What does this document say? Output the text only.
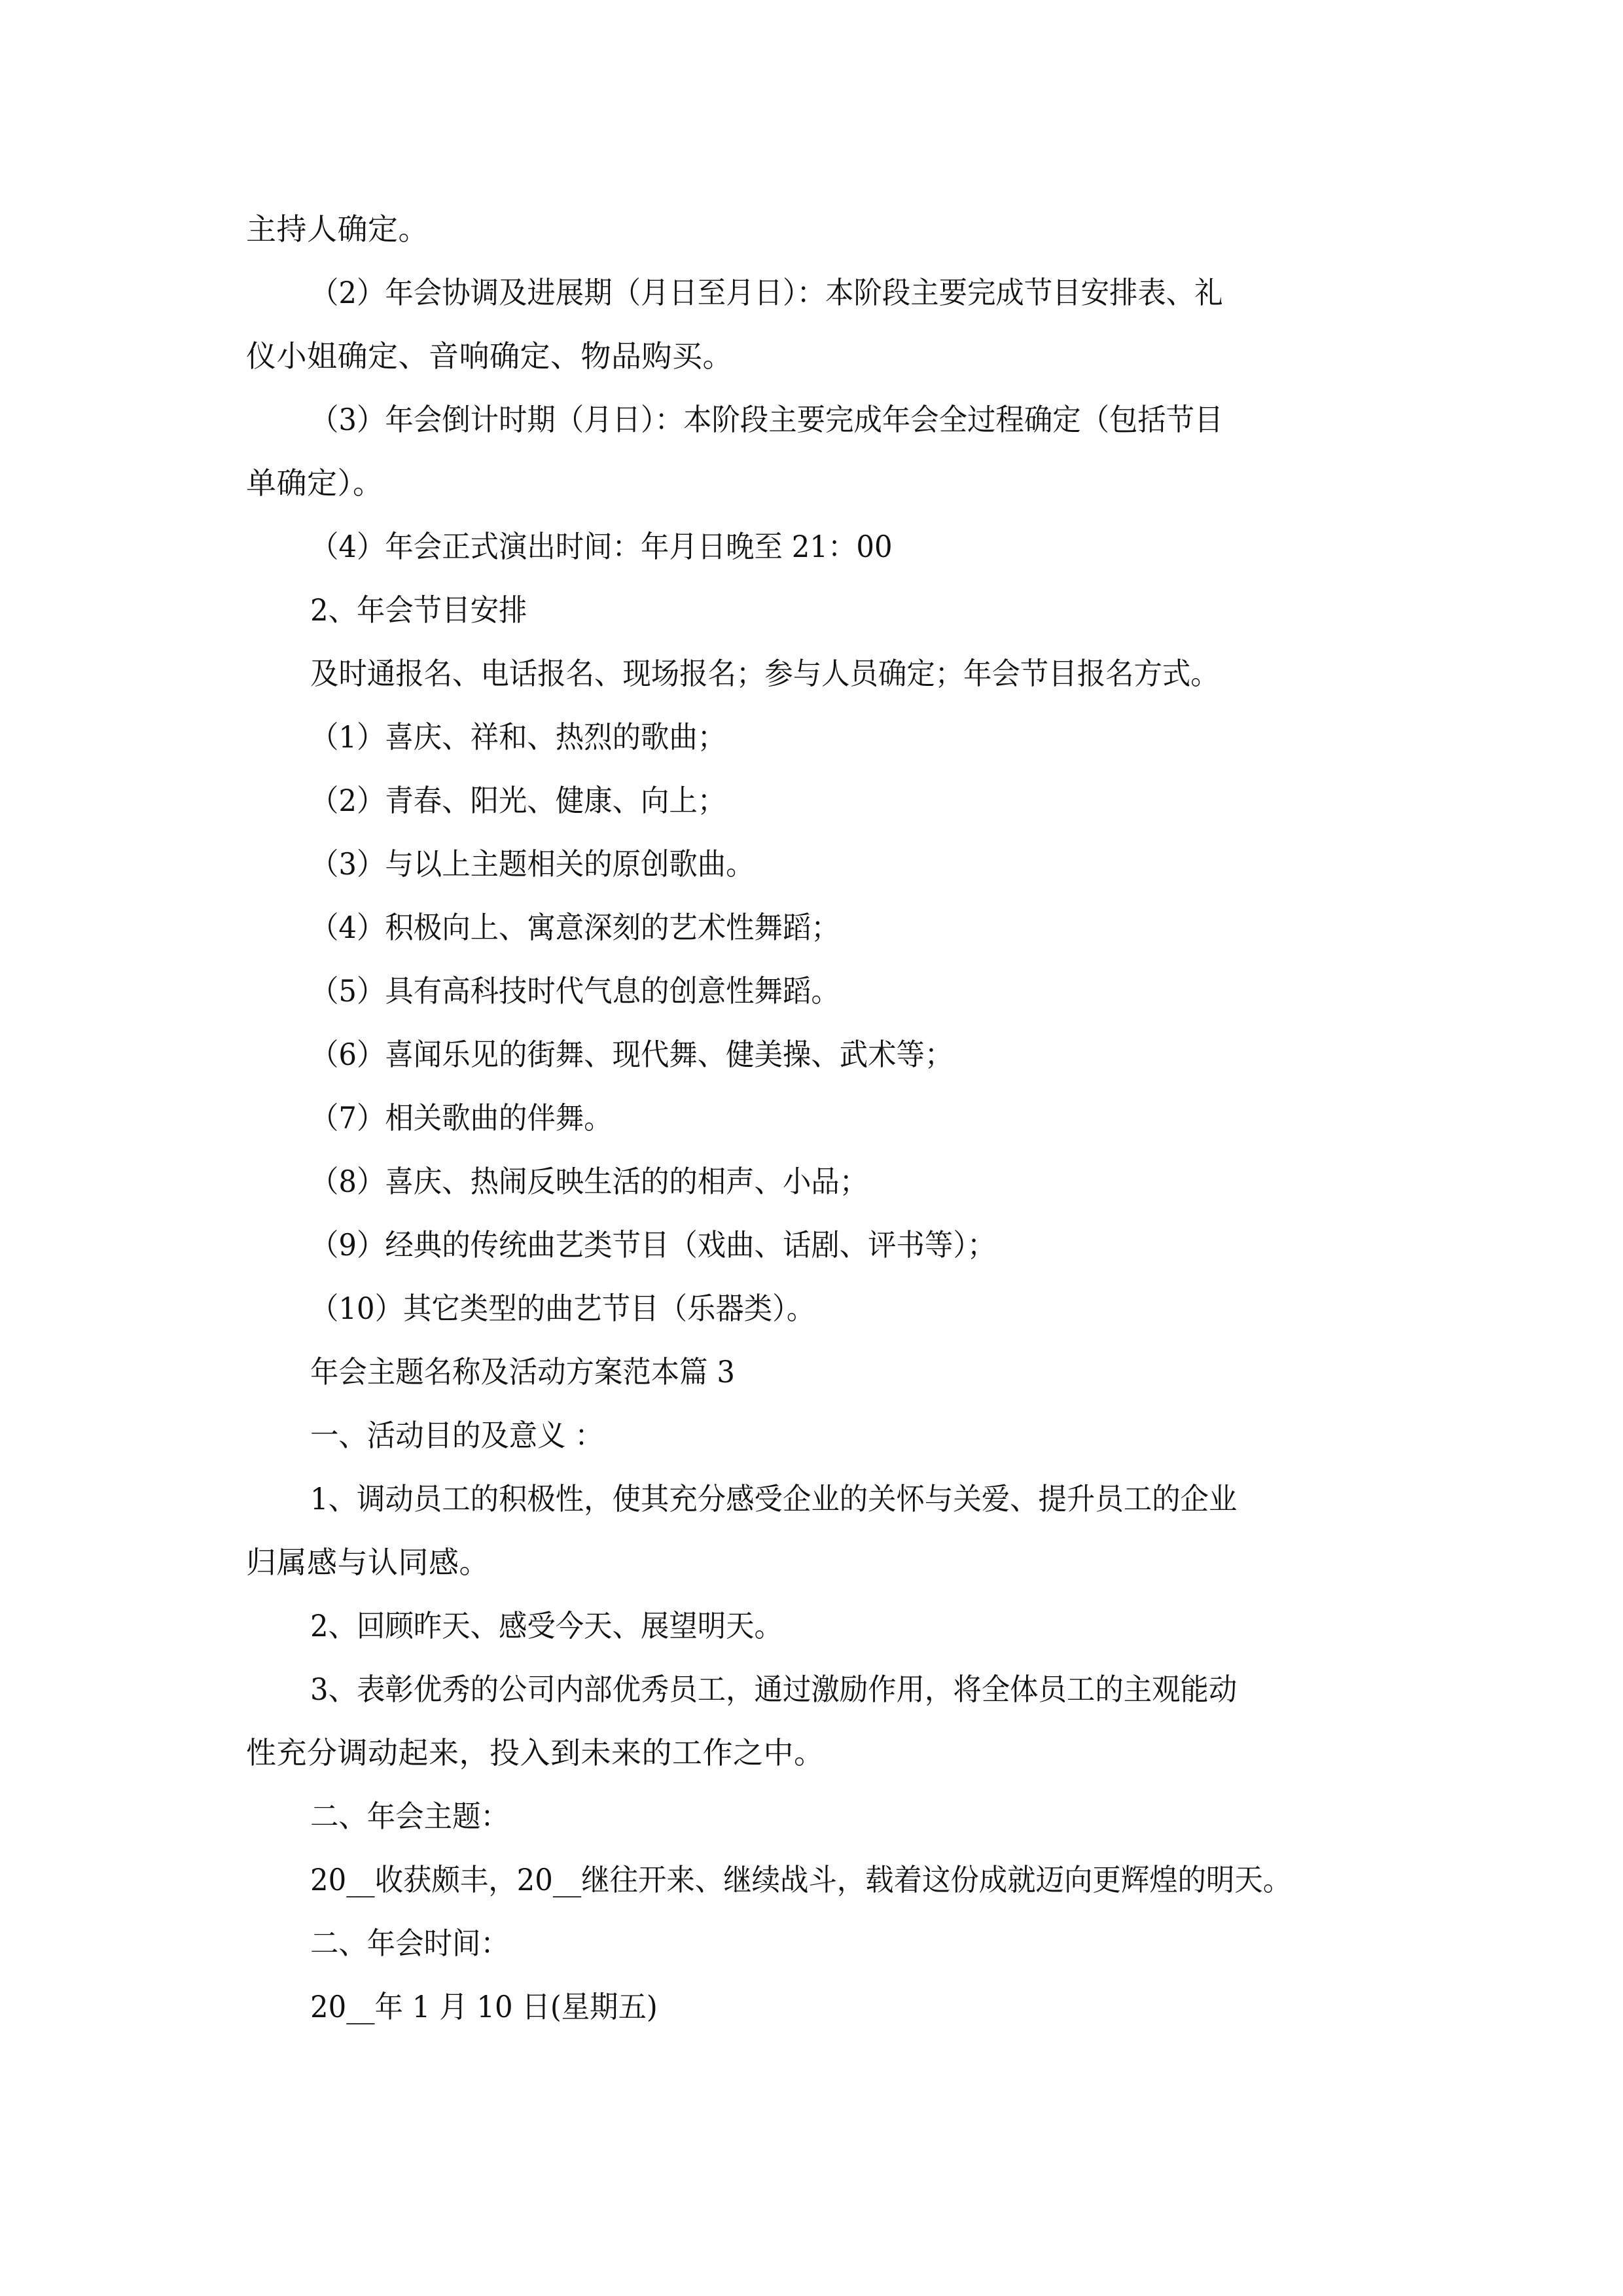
主持人确定。
（2）年会协调及进展期（月日至月日）：本阶段主要完成节目安排表、礼
仪小姐确定、音响确定、物品购买。
（3）年会倒计时期（月日）：本阶段主要完成年会全过程确定（包括节目
单确定）。
（4）年会正式演出时间：年月日晚至 21：00
2、年会节目安排
及时通报名、电话报名、现场报名；参与人员确定；年会节目报名方式。
（1）喜庆、祥和、热烈的歌曲；
（2）青春、阳光、健康、向上；
（3）与以上主题相关的原创歌曲。
（4）积极向上、寓意深刻的艺术性舞蹈；
（5）具有高科技时代气息的创意性舞蹈。
（6）喜闻乐见的街舞、现代舞、健美操、武术等；
（7）相关歌曲的伴舞。
（8）喜庆、热闹反映生活的的相声、小品；
（9）经典的传统曲艺类节目（戏曲、话剧、评书等）；
（10）其它类型的曲艺节目（乐器类）。
年会主题名称及活动方案范本篇 3
一、活动目的及意义 ：
1、调动员工的积极性，使其充分感受企业的关怀与关爱、提升员工的企业
归属感与认同感。
2、回顾昨天、感受今天、展望明天。
3、表彰优秀的公司内部优秀员工，通过激励作用，将全体员工的主观能动
性充分调动起来，投入到未来的工作之中。
二、年会主题：
20__收获颇丰，20__继往开来、继续战斗，载着这份成就迈向更辉煌的明天。
二、年会时间：
20__年 1 月 10 日(星期五)
